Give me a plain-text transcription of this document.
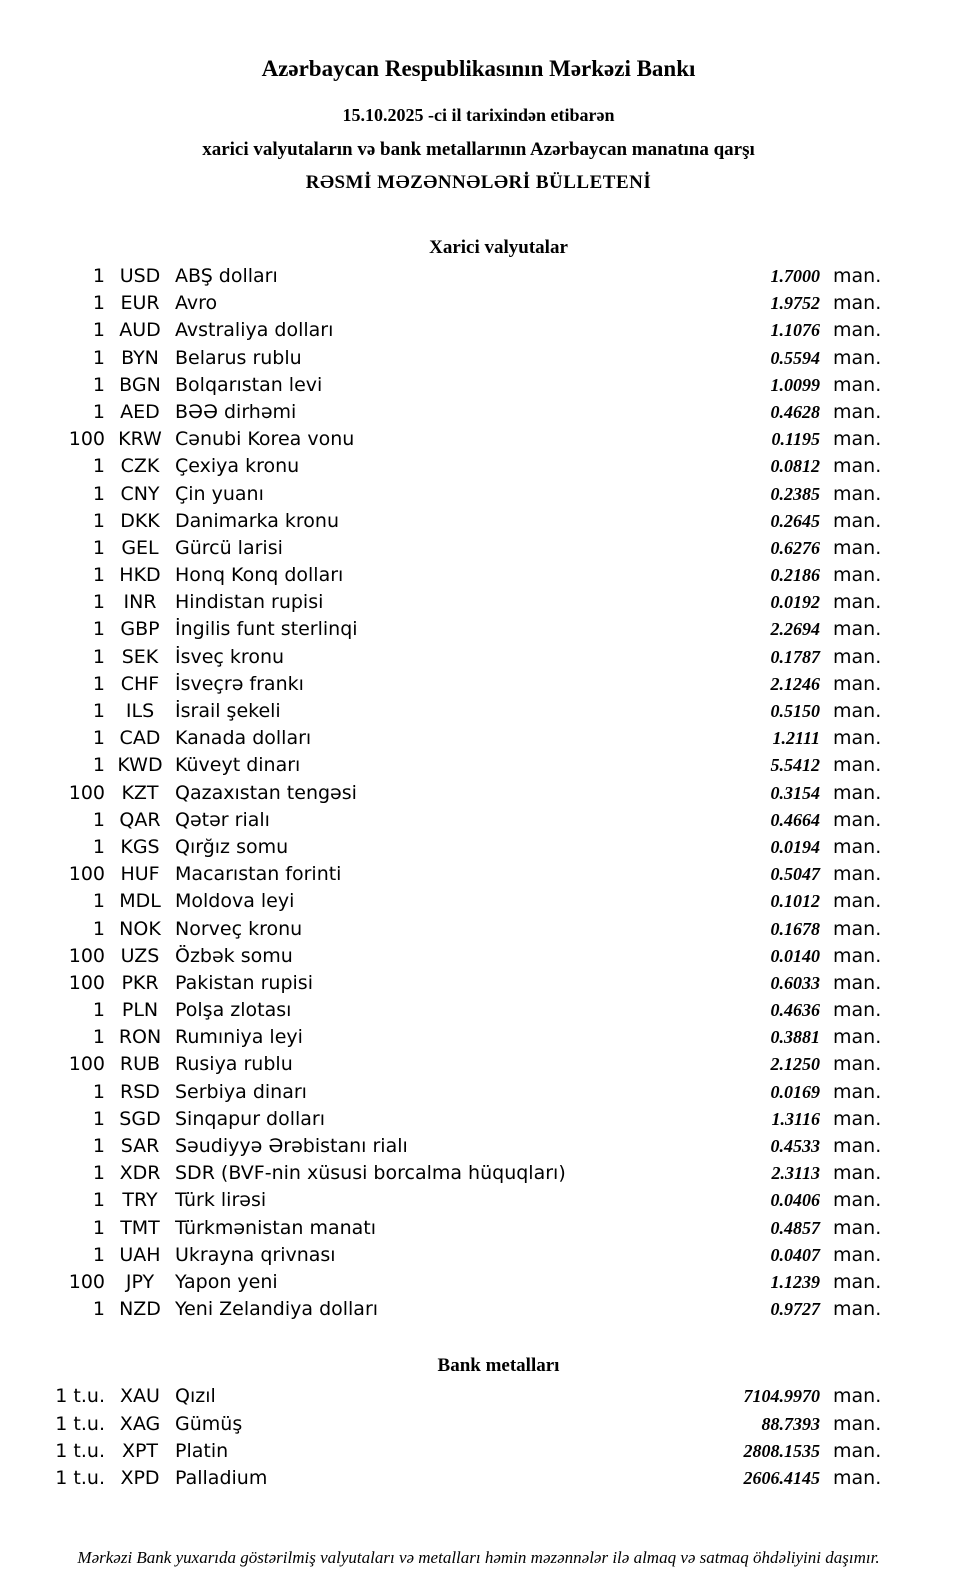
Azərbaycan Respublikasının Mərkəzi Bankı
15.10.2025 -ci il tarixindən etibarən
xarici valyutaların və bank metallarının Azərbaycan manatına qarşı
RƏSMİ MƏZƏNNƏLƏRİ BÜLLETENİ
Xarici valyutalar
1 USD ABŞ dolları	1.7000 man.
1 EUR Avro	1.9752 man.
1 AUD Avstraliya dolları	1.1076 man.
1 BYN Belarus rublu	0.5594 man.
1 BGN Bolqarıstan levi	1.0099 man.
1 AED BƏƏ dirhəmi	0.4628 man.
100 KRW Cənubi Korea vonu	0.1195 man.
1 CZK Çexiya kronu	0.0812 man.
1 CNY Çin yuanı	0.2385 man.
1 DKK Danimarka kronu	0.2645 man.
1 GEL Gürcü larisi	0.6276 man.
1 HKD Honq Konq dolları	0.2186 man.
1 INR Hindistan rupisi	0.0192 man.
1 GBP İngilis funt sterlinqi	2.2694 man.
1 SEK İsveç kronu	0.1787 man.
1 CHF İsveçrə frankı	2.1246 man.
1	ILS	İsrail şekeli	0.5150 man.
1 CAD Kanada dolları	1.2111 man.
1 KWD Küveyt dinarı	5.5412 man.
100 KZT Qazaxıstan tengəsi	0.3154 man.
1 QAR Qətər rialı	0.4664 man.
1 KGS Qırğız somu	0.0194 man.
100 HUF Macarıstan forinti	0.5047 man.
1 MDL Moldova leyi	0.1012 man.
1 NOK Norveç kronu	0.1678 man.
100 UZS Özbək somu	0.0140 man.
100 PKR Pakistan rupisi	0.6033 man.
1 PLN Polşa zlotası	0.4636 man.
1 RON Rumıniya leyi	0.3881 man.
100 RUB Rusiya rublu	2.1250 man.
1 RSD Serbiya dinarı	0.0169 man.
1 SGD Sinqapur dolları	1.3116 man.
1 SAR Səudiyyə Ərəbistanı rialı	0.4533 man.
1 XDR SDR (BVF-nin xüsusi borcalma hüquqları)	2.3113 man.
1 TRY Türk lirəsi	0.0406 man.
1 TMT Türkmənistan manatı	0.4857 man.
1 UAH Ukrayna qrivnası	0.0407 man.
100	JPY	Yapon yeni	1.1239 man.
1 NZD Yeni Zelandiya dolları	0.9727 man.
Bank metalları
1 t.u. XAU Qızıl	7104.9970 man.
1 t.u. XAG Gümüş	88.7393 man.
1 t.u. XPT Platin	2808.1535 man.
1 t.u. XPD Palladium	2606.4145 man.
Mərkəzi Bank yuxarıda göstərilmiş valyutaları və metalları həmin məzənnələr ilə almaq və satmaq öhdəliyini daşımır.
